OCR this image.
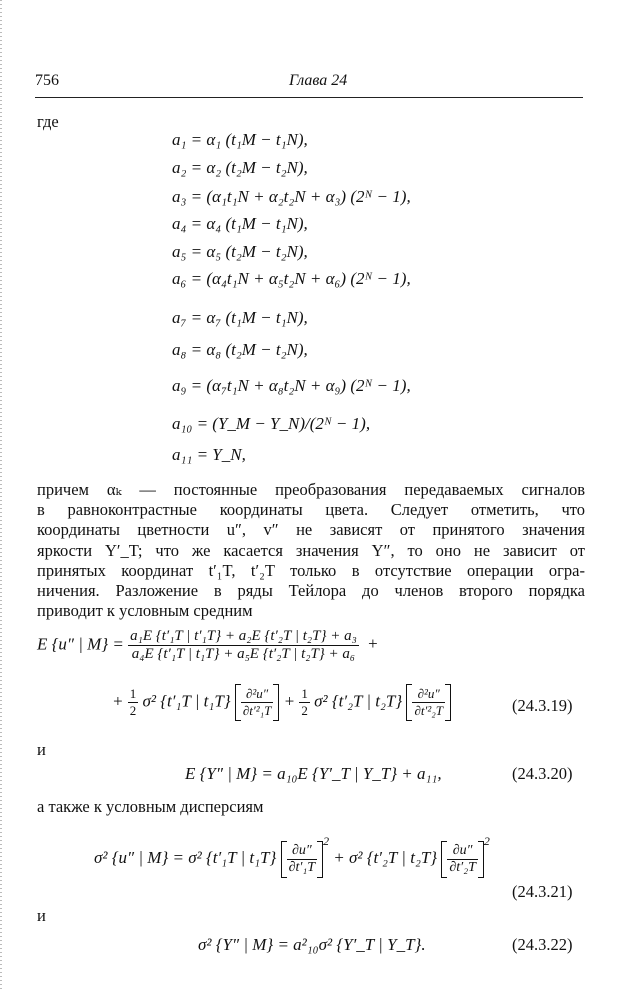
756	Глава 24
где
a₁ = α₁ (t₁M − t₁N),
a₂ = α₂ (t₂M − t₂N),
a₃ = (α₁t₁N + α₂t₂N + α₃) (2ᴺ − 1),
a₄ = α₄ (t₁M − t₁N),
a₅ = α₅ (t₂M − t₂N),
a₆ = (α₄t₁N + α₅t₂N + α₆) (2ᴺ − 1),
a₇ = α₇ (t₁M − t₁N),
a₈ = α₈ (t₂M − t₂N),
a₉ = (α₇t₁N + α₈t₂N + α₉) (2ᴺ − 1),
a₁₀ = (Y_M − Y_N)/(2ᴺ − 1),
a₁₁ = Y_N,
причем αₖ — постоянные преобразования передаваемых сигналов
в равноконтрастные координаты цвета. Следует отметить, что
координаты цветности u″, v″ не зависят от принятого значения
яркости Y′_T; что же касается значения Y″, то оно не зависит от
принятых координат t′₁T, t′₂T только в отсутствие операции огра-
ничения. Разложение в ряды Тейлора до членов второго порядка
приводит к условным средним
E {u″ | $M\} = \frac{\text{a₁E \{t′₁T | t′₁T\} + a₂E \{t′₂T | t₂T\} + a₃}}{\text{a₄E \{t′₁T | t₁T\} + a₅E \{t′₂T | t₂T\} + a₆}}$ +
+ $\frac{1}{2} \sigma^2$ {t′₁T | $t_1T\} \frac{\text{∂²u″}}{\text{∂t′²₁T}} + \frac{1}{2} \sigma^2$ {t′₂T | $t_2T\} \frac{\text{∂²u″}}{\text{∂t′²₂T}}$	(24.3.19)
и
E {Y″ | M} = a₁₀E {Y′_T | Y_T} + a₁₁,	(24.3.20)
а также к условным дисперсиям
σ² {u″ | M} = σ² {t′₁T | $t_1T\} \frac{\partial u''}{\text{∂t′₁T}}$
$^2$ + σ² {t′₂T | $t_2T\} \frac{\partial u''}{\text{∂t′₂T}}$
$^2$
(24.3.21)
и
σ² {Y″ | M} = a²₁₀σ² {Y′_T | Y_T}.	(24.3.22)
